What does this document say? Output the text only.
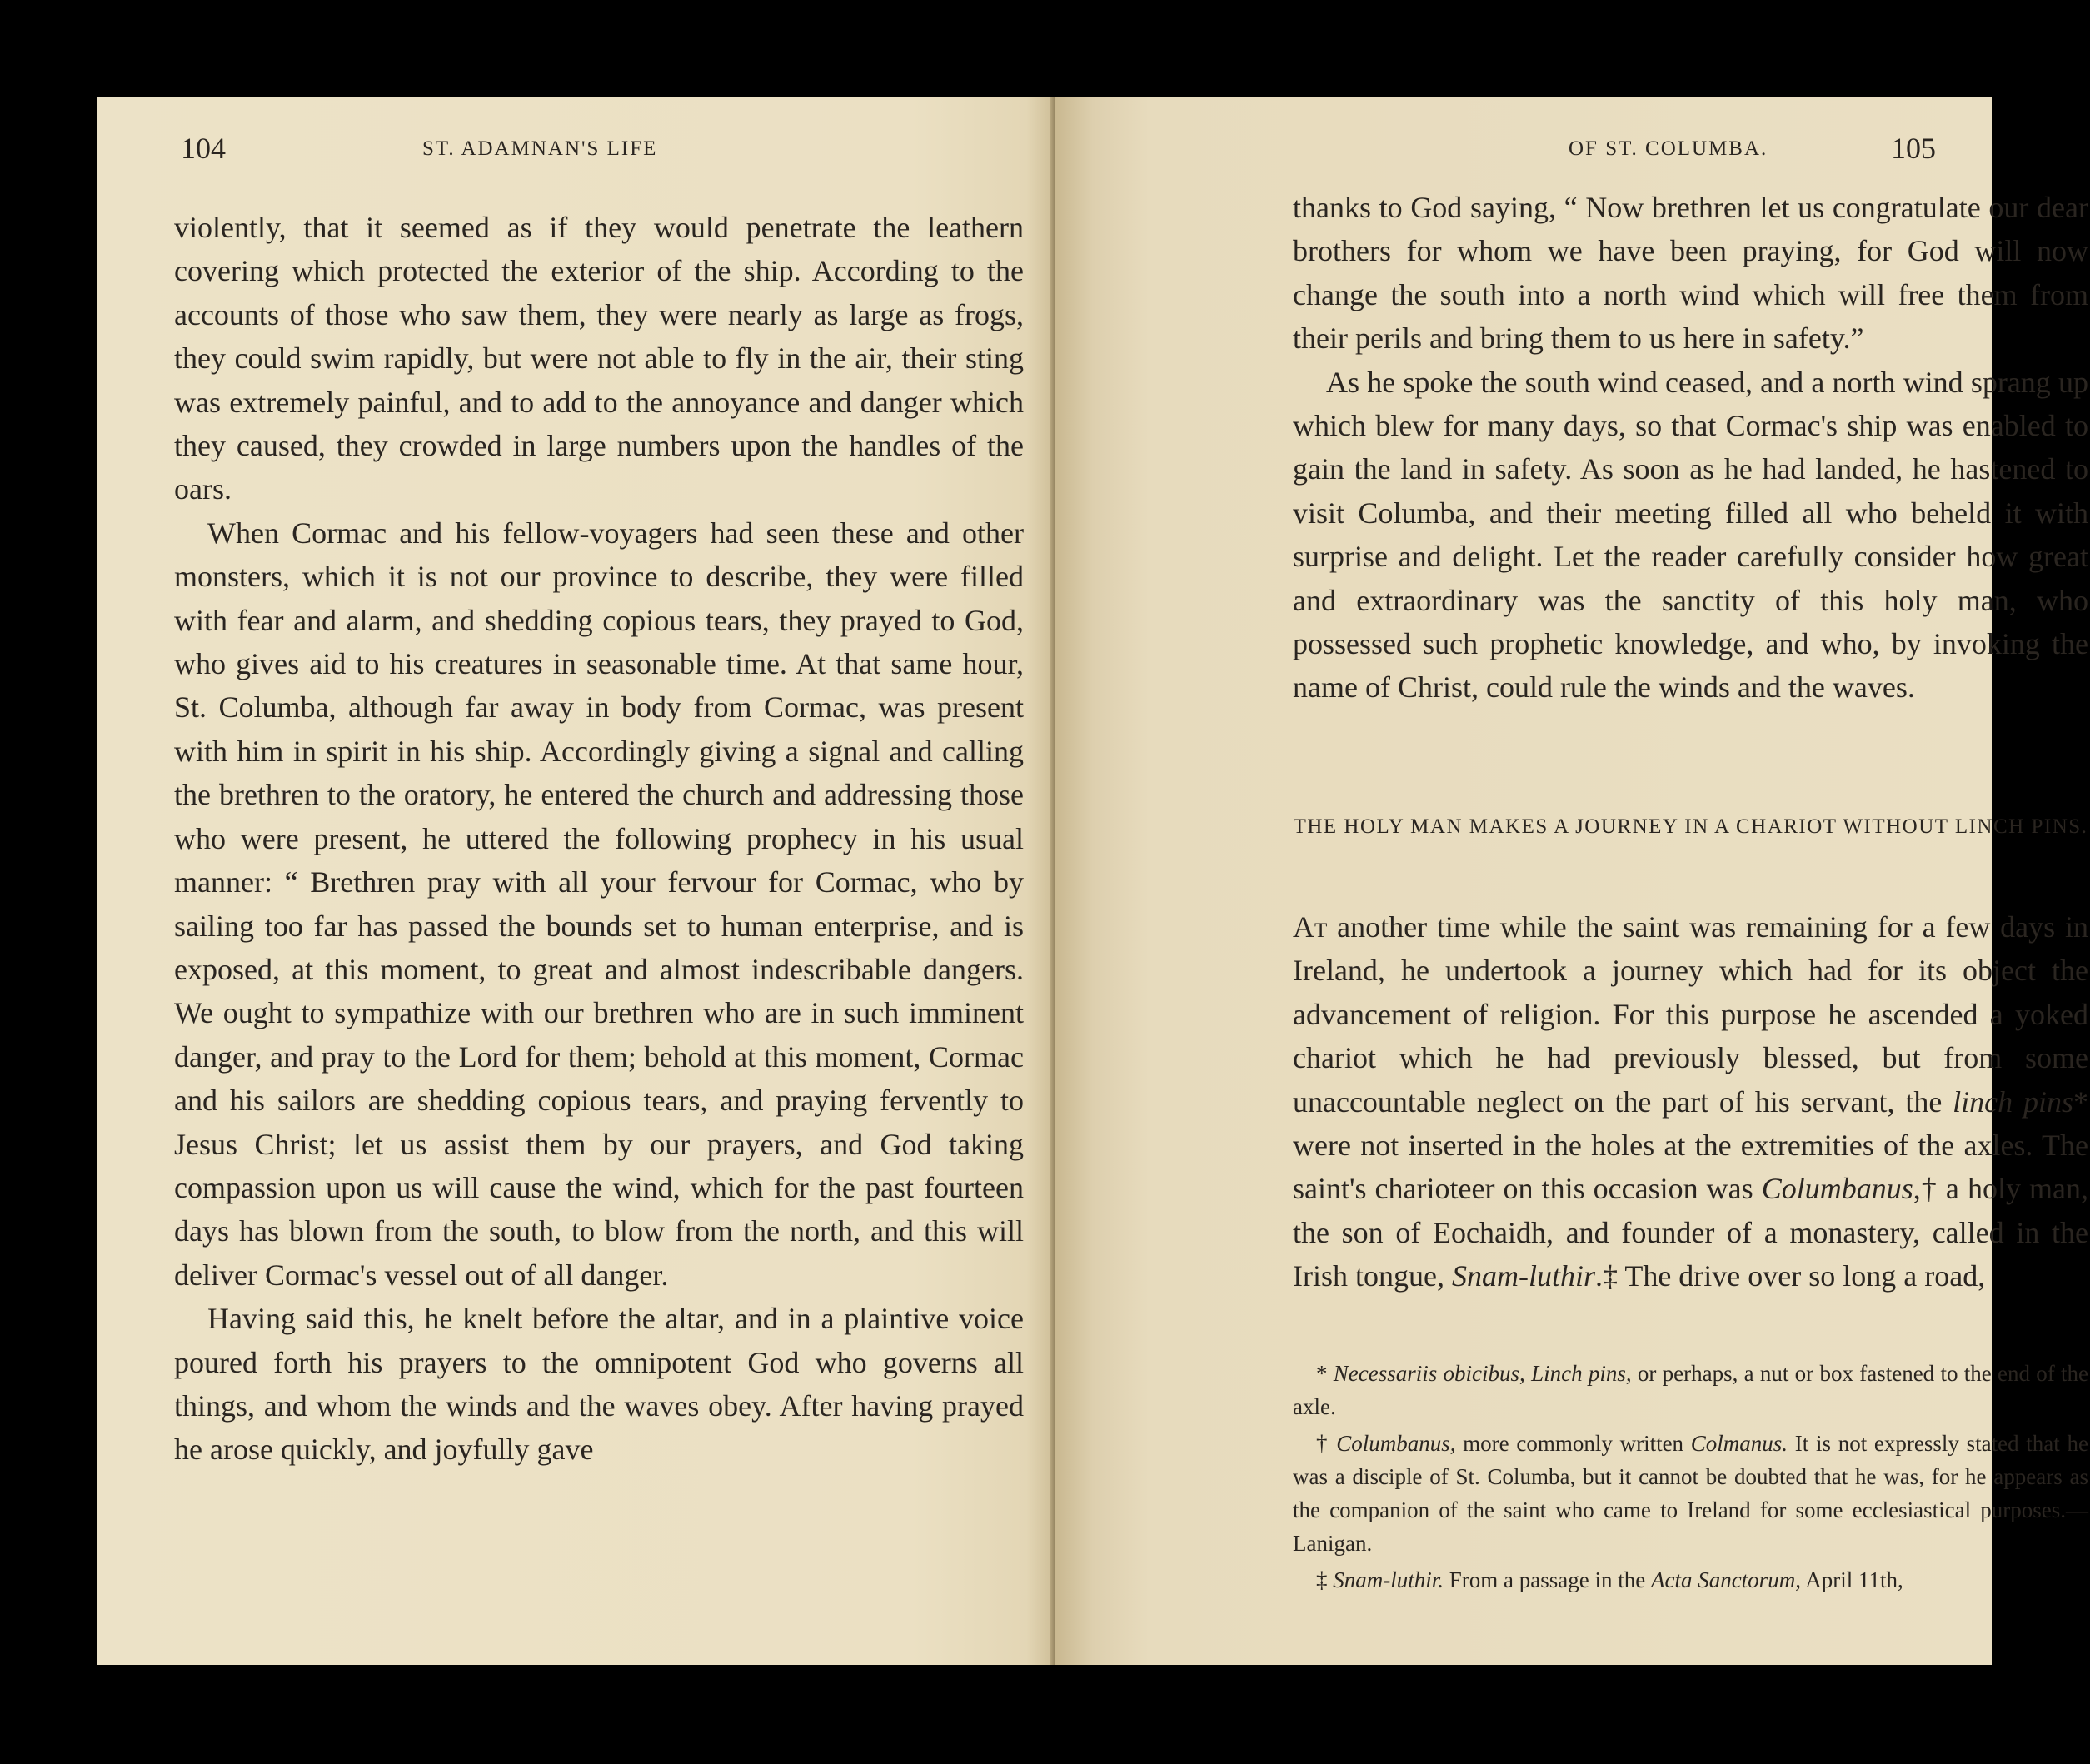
104	ST. ADAMNAN'S LIFE

violently, that it seemed as if they would penetrate the leathern covering which protected the exterior of the ship. According to the accounts of those who saw them, they were nearly as large as frogs, they could swim rapidly, but were not able to fly in the air, their sting was extremely painful, and to add to the annoyance and danger which they caused, they crowded in large numbers upon the handles of the oars.

When Cormac and his fellow-voyagers had seen these and other monsters, which it is not our province to describe, they were filled with fear and alarm, and shedding copious tears, they prayed to God, who gives aid to his creatures in seasonable time. At that same hour, St. Columba, although far away in body from Cormac, was present with him in spirit in his ship. Accordingly giving a signal and calling the brethren to the oratory, he entered the church and addressing those who were present, he uttered the following prophecy in his usual manner: “ Brethren pray with all your fervour for Cormac, who by sailing too far has passed the bounds set to human enterprise, and is exposed, at this moment, to great and almost indescribable dangers. We ought to sympathize with our brethren who are in such imminent danger, and pray to the Lord for them; behold at this moment, Cormac and his sailors are shedding copious tears, and praying fervently to Jesus Christ; let us assist them by our prayers, and God taking compassion upon us will cause the wind, which for the past fourteen days has blown from the south, to blow from the north, and this will deliver Cormac's vessel out of all danger.

Having said this, he knelt before the altar, and in a plaintive voice poured forth his prayers to the omnipotent God who governs all things, and whom the winds and the waves obey. After having prayed he arose quickly, and joyfully gave

OF ST. COLUMBA.	105

thanks to God saying, “ Now brethren let us congratulate our dear brothers for whom we have been praying, for God will now change the south into a north wind which will free them from their perils and bring them to us here in safety.”

As he spoke the south wind ceased, and a north wind sprang up which blew for many days, so that Cormac's ship was enabled to gain the land in safety. As soon as he had landed, he hastened to visit Columba, and their meeting filled all who beheld it with surprise and delight. Let the reader carefully consider how great and extraordinary was the sanctity of this holy man, who possessed such prophetic knowledge, and who, by invoking the name of Christ, could rule the winds and the waves.

THE HOLY MAN MAKES A JOURNEY IN A CHARIOT WITHOUT LINCH PINS.

At another time while the saint was remaining for a few days in Ireland, he undertook a journey which had for its object the advancement of religion. For this purpose he ascended a yoked chariot which he had previously blessed, but from some unaccountable neglect on the part of his servant, the linch pins* were not inserted in the holes at the extremities of the axles. The saint's charioteer on this occasion was Columbanus,† a holy man, the son of Eochaidh, and founder of a monastery, called in the Irish tongue, Snam-luthir.‡ The drive over so long a road,

* Necessariis obicibus, Linch pins, or perhaps, a nut or box fastened to the end of the axle.

† Columbanus, more commonly written Colmanus. It is not expressly stated that he was a disciple of St. Columba, but it cannot be doubted that he was, for he appears as the companion of the saint who came to Ireland for some ecclesiastical purposes.—Lanigan.

‡ Snam-luthir. From a passage in the Acta Sanctorum, April 11th,
